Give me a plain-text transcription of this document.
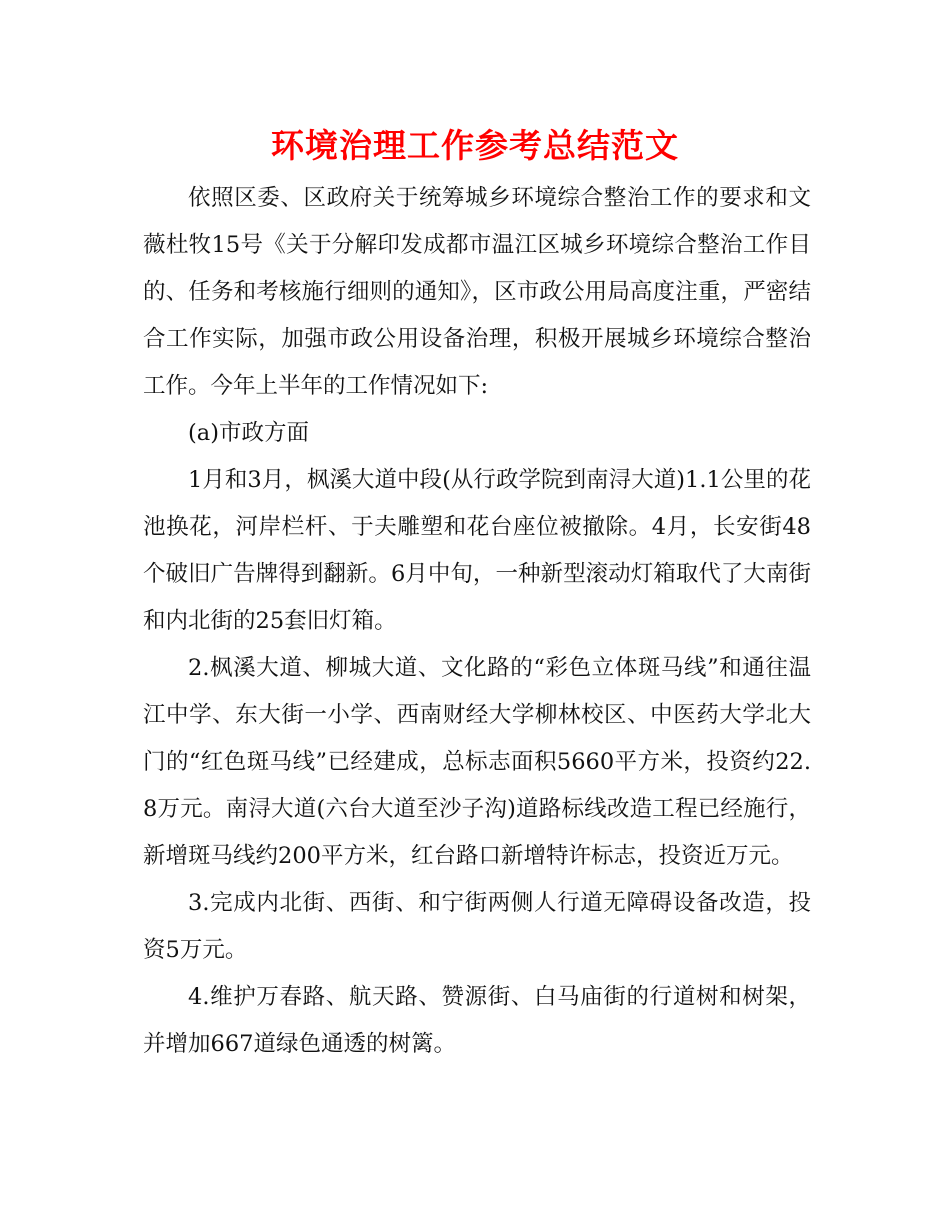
环境治理工作参考总结范文

依照区委、区政府关于统筹城乡环境综合整治工作的要求和文薇杜牧15号《关于分解印发成都市温江区城乡环境综合整治工作目的、任务和考核施行细则的通知》，区市政公用局高度注重，严密结合工作实际，加强市政公用设备治理，积极开展城乡环境综合整治工作。今年上半年的工作情况如下:

(a)市政方面

1月和3月，枫溪大道中段(从行政学院到南浔大道)1.1公里的花池换花，河岸栏杆、于夫雕塑和花台座位被撤除。4月，长安街48个破旧广告牌得到翻新。6月中旬，一种新型滚动灯箱取代了大南街和内北街的25套旧灯箱。

2.枫溪大道、柳城大道、文化路的“彩色立体斑马线”和通往温江中学、东大街一小学、西南财经大学柳林校区、中医药大学北大门的“红色斑马线”已经建成，总标志面积5660平方米，投资约22.8万元。南浔大道(六台大道至沙子沟)道路标线改造工程已经施行，新增斑马线约200平方米，红台路口新增特许标志，投资近万元。

3.完成内北街、西街、和宁街两侧人行道无障碍设备改造，投资5万元。

4.维护万春路、航天路、赞源街、白马庙街的行道树和树架，并增加667道绿色通透的树篱。
